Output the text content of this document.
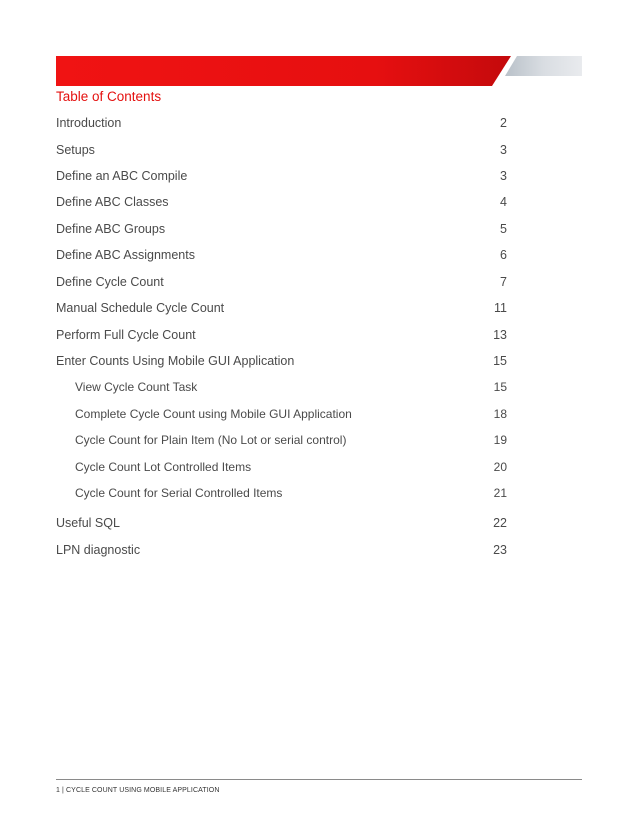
Table of Contents
Introduction	2
Setups	3
Define an ABC Compile	3
Define ABC Classes	4
Define ABC Groups	5
Define ABC Assignments	6
Define Cycle Count	7
Manual Schedule Cycle Count	11
Perform Full Cycle Count	13
Enter Counts Using Mobile GUI Application	15
View Cycle Count Task	15
Complete Cycle Count using Mobile GUI Application	18
Cycle Count for Plain Item (No Lot or serial control)	19
Cycle Count Lot Controlled Items	20
Cycle Count for Serial Controlled Items	21
Useful SQL	22
LPN diagnostic	23
1 | CYCLE COUNT USING MOBILE APPLICATION
